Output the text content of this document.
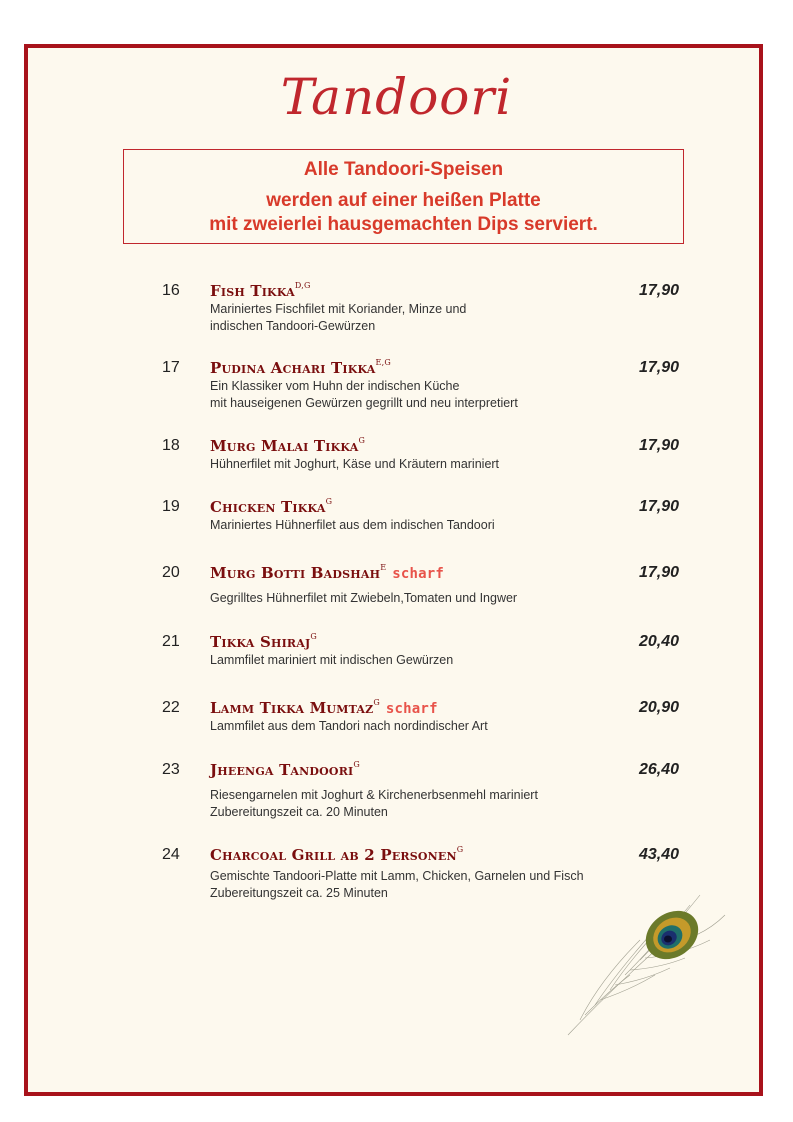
Tandoori
Alle Tandoori-Speisen
werden auf einer heißen Platte
mit zweierlei hausgemachten Dips serviert.
16 Fish Tikka$^{D,G}$	17,90
Mariniertes Fischfilet mit Koriander, Minze und
indischen Tandoori-Gewürzen
17 Pudina Achari Tikka$^{E,G}$	17,90
Ein Klassiker vom Huhn der indischen Küche
mit hauseigenen Gewürzen gegrillt und neu interpretiert
18 Murg Malai Tikka$^G$	17,90
Hühnerfilet mit Joghurt, Käse und Kräutern mariniert
19 Chicken Tikka$^G$	17,90
Mariniertes Hühnerfilet aus dem indischen Tandoori
20 Murg Botti Badshah$^E$ scharf	17,90
Gegrilltes Hühnerfilet mit Zwiebeln,Tomaten und Ingwer
21 Tikka Shiraj$^G$	20,40
Lammfilet mariniert mit indischen Gewürzen
22 Lamm Tikka Mumtaz$^G$ scharf	20,90
Lammfilet aus dem Tandori nach nordindischer Art
23 Jheenga Tandoori$^G$	26,40
Riesengarnelen mit Joghurt & Kirchenerbsenmehl mariniert
Zubereitungszeit ca. 20 Minuten
24 Charcoal Grill ab 2 Personen$^G$	43,40
Gemischte Tandoori-Platte mit Lamm, Chicken, Garnelen und Fisch
Zubereitungszeit ca. 25 Minuten
